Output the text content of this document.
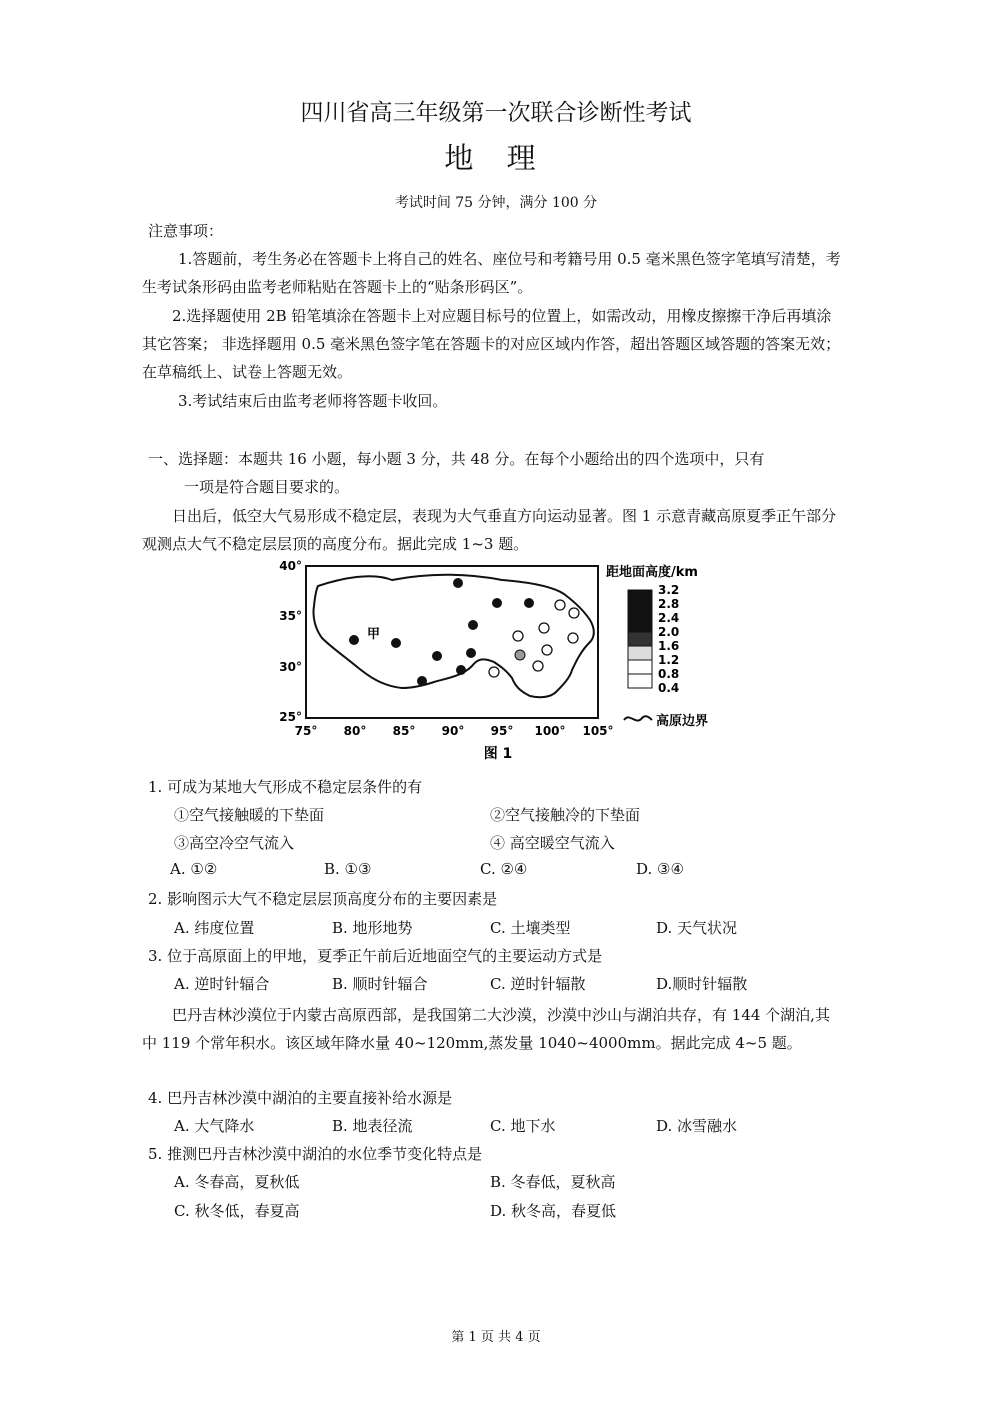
四川省高三年级第一次联合诊断性考试
地 理
考试时间 75 分钟，满分 100 分
注意事项：
1.答题前，考生务必在答题卡上将自己的姓名、座位号和考籍号用 0.5 毫米黑色签字笔填写清楚，考生考试条形码由监考老师粘贴在答题卡上的“贴条形码区”。
2.选择题使用 2B 铅笔填涂在答题卡上对应题目标号的位置上，如需改动，用橡皮擦擦干净后再填涂其它答案； 非选择题用 0.5 毫米黑色签字笔在答题卡的对应区域内作答，超出答题区域答题的答案无效； 在草稿纸上、试卷上答题无效。
3.考试结束后由监考老师将答题卡收回。
一、选择题：本题共 16 小题，每小题 3 分，共 48 分。在每个小题给出的四个选项中，只有
一项是符合题目要求的。
日出后，低空大气易形成不稳定层，表现为大气垂直方向运动显著。图 1 示意青藏高原夏季正午部分观测点大气不稳定层层顶的高度分布。据此完成 1~3 题。
甲
40°
35°
30°
25°
75° 80° 85° 90° 95° 100° 105°
距地面高度/km
3.2
2.8
2.4
2.0
1.6
1.2
0.8
0.4
高原边界
图 1
1. 可成为某地大气形成不稳定层条件的有
①空气接触暖的下垫面	②空气接触冷的下垫面
③高空冷空气流入	④ 高空暖空气流入
A. ①②	B. ①③	C. ②④	D. ③④
2. 影响图示大气不稳定层层顶高度分布的主要因素是
A. 纬度位置	B. 地形地势	C. 土壤类型	D. 天气状况
3. 位于高原面上的甲地，夏季正午前后近地面空气的主要运动方式是
A. 逆时针辐合	B. 顺时针辐合	C. 逆时针辐散	D.顺时针辐散
巴丹吉林沙漠位于内蒙古高原西部，是我国第二大沙漠，沙漠中沙山与湖泊共存，有 144 个湖泊,其中 119 个常年积水。该区域年降水量 40~120mm,蒸发量 1040~4000mm。据此完成 4~5 题。
4. 巴丹吉林沙漠中湖泊的主要直接补给水源是
A. 大气降水	B. 地表径流	C. 地下水	D. 冰雪融水
5. 推测巴丹吉林沙漠中湖泊的水位季节变化特点是
A. 冬春高，夏秋低	B. 冬春低，夏秋高
C. 秋冬低，春夏高	D. 秋冬高，春夏低
第 1 页 共 4 页
